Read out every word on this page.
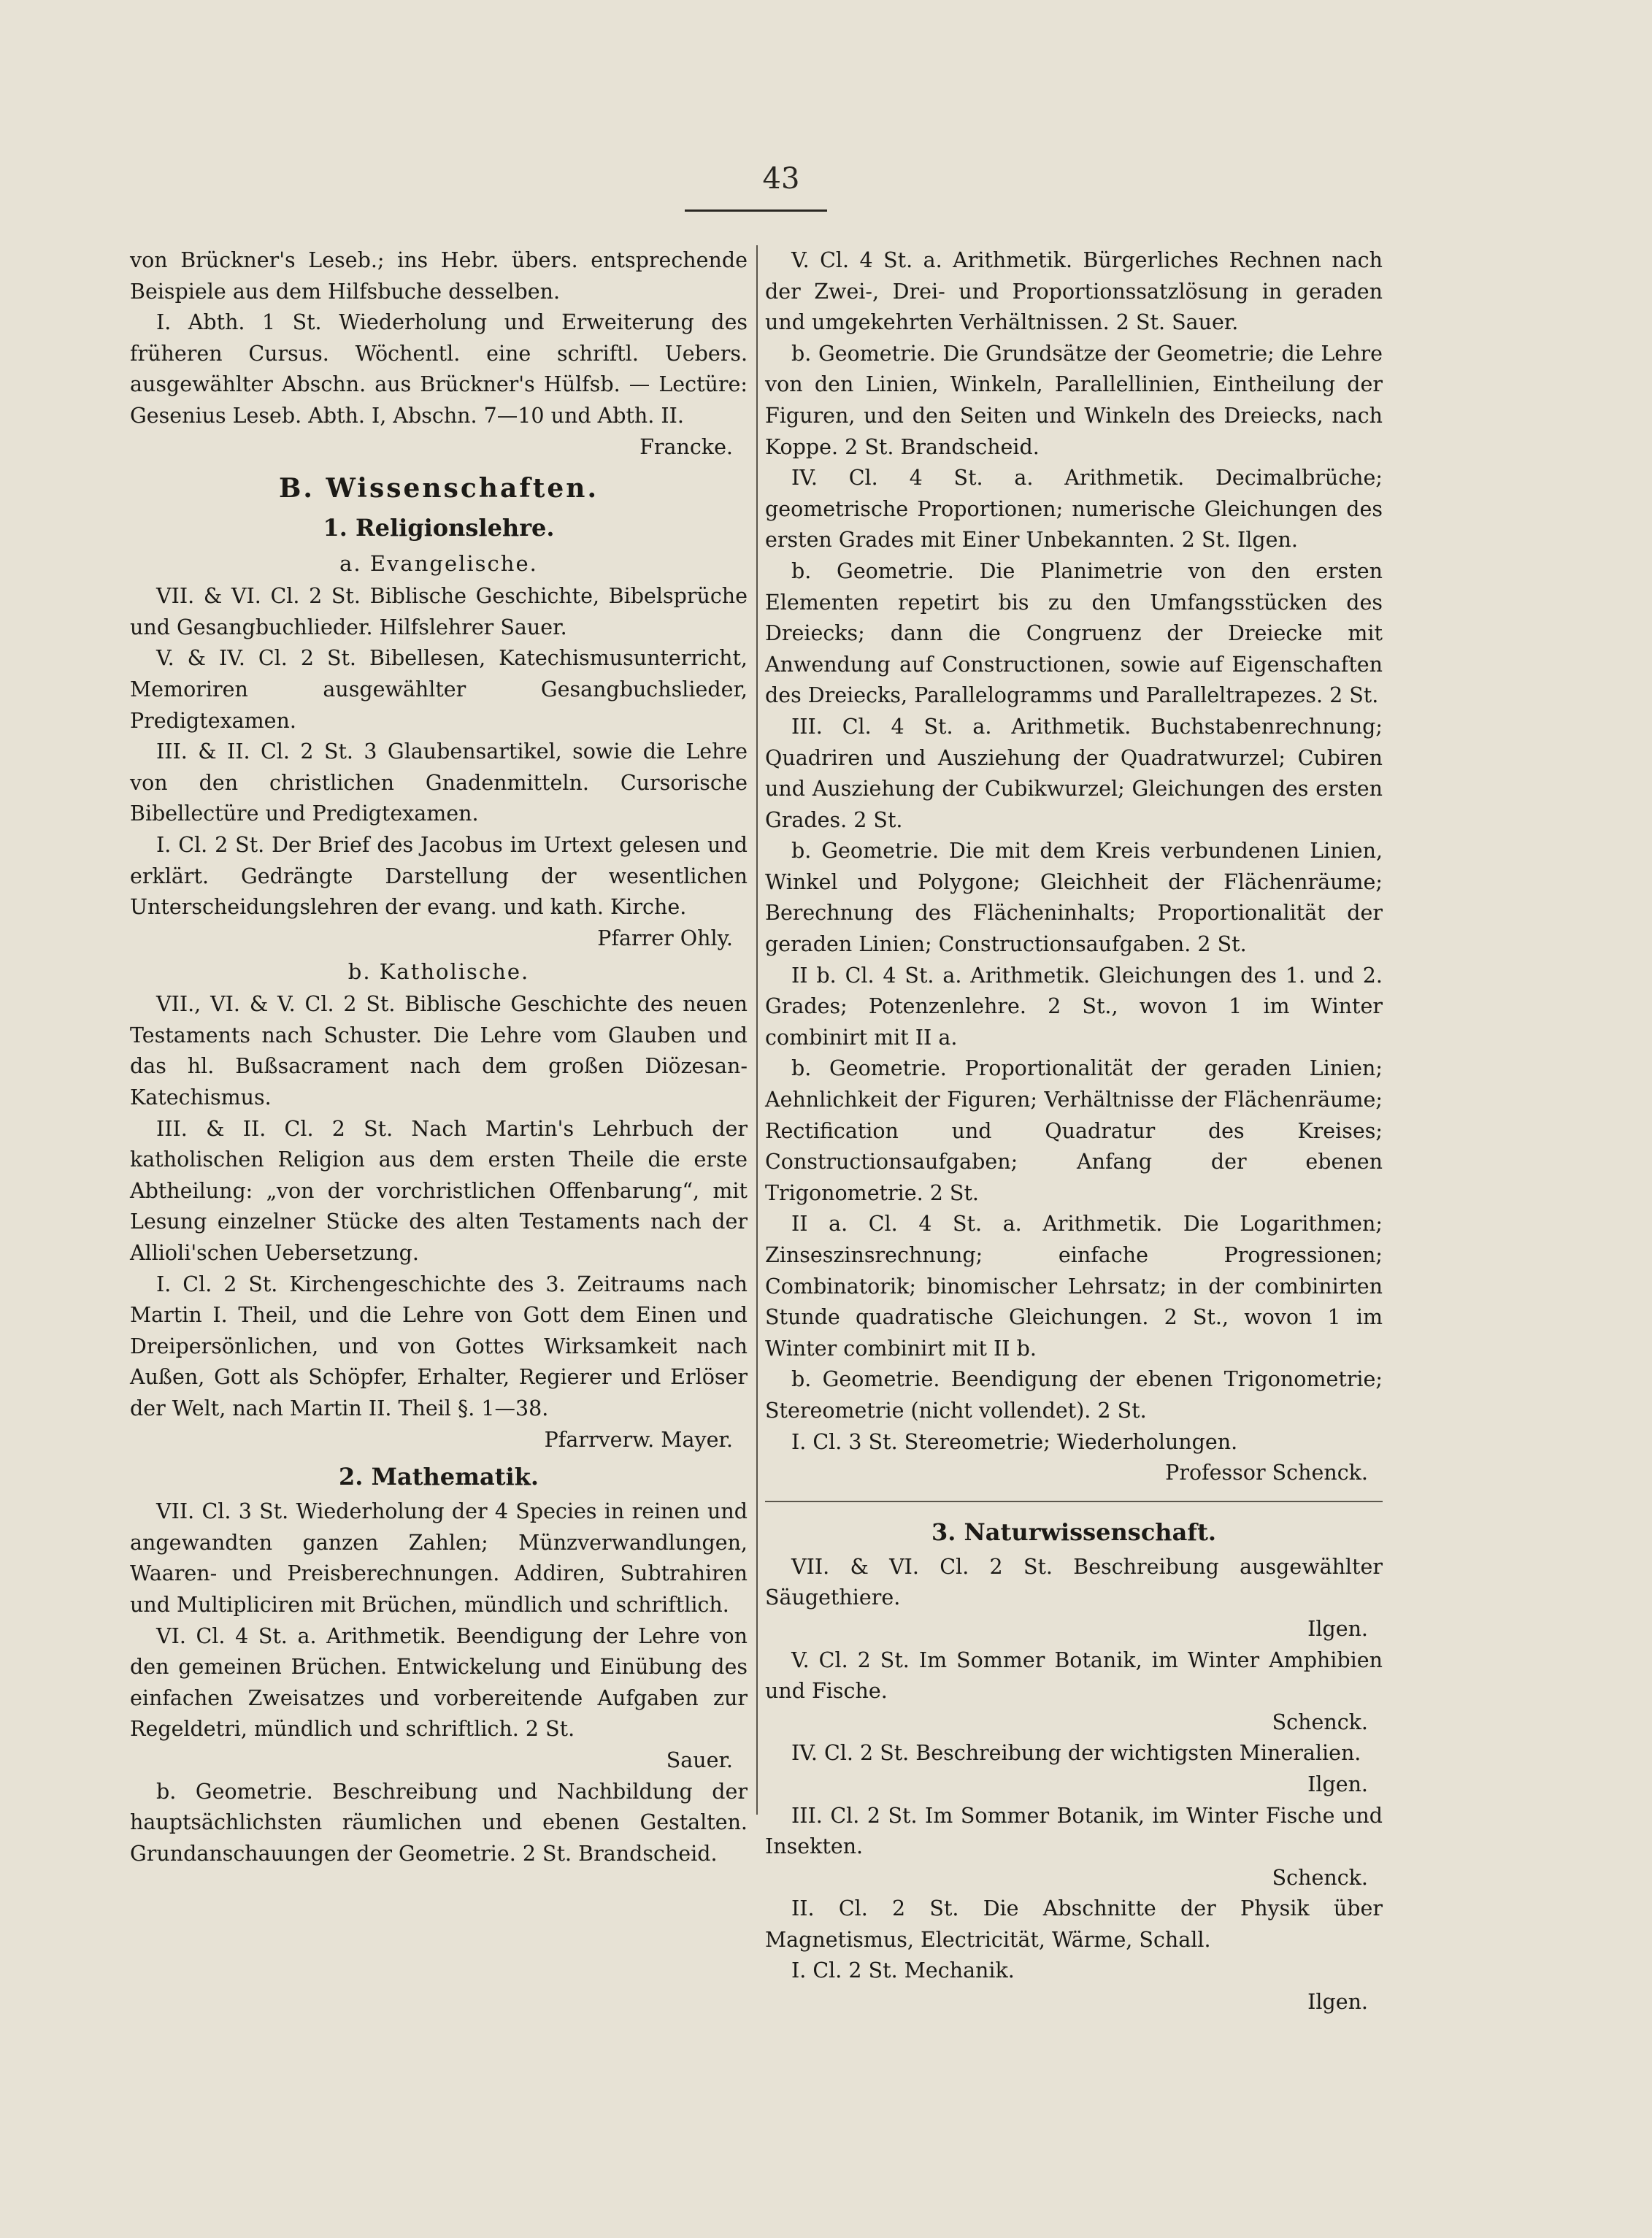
43

von Brückner's Leseb.; ins Hebr. übers. entsprechende Beispiele aus dem Hilfsbuche desselben.

I. Abth. 1 St. Wiederholung und Erweiterung des früheren Cursus. Wöchentl. eine schriftl. Uebers. ausgewählter Abschn. aus Brückner's Hülfsb. — Lectüre: Gesenius Leseb. Abth. I, Abschn. 7—10 und Abth. II.

Francke.

B. Wissenschaften.
1. Religionslehre.
a. Evangelische.

VII. & VI. Cl. 2 St. Biblische Geschichte, Bibelsprüche und Gesangbuchlieder. Hilfslehrer Sauer.

V. & IV. Cl. 2 St. Bibellesen, Katechismusunterricht, Memoriren ausgewählter Gesangbuchslieder, Predigtexamen.

III. & II. Cl. 2 St. 3 Glaubensartikel, sowie die Lehre von den christlichen Gnadenmitteln. Cursorische Bibellectüre und Predigtexamen.

I. Cl. 2 St. Der Brief des Jacobus im Urtext gelesen und erklärt. Gedrängte Darstellung der wesentlichen Unterscheidungslehren der evang. und kath. Kirche.

Pfarrer Ohly.

b. Katholische.

VII., VI. & V. Cl. 2 St. Biblische Geschichte des neuen Testaments nach Schuster. Die Lehre vom Glauben und das hl. Bußsacrament nach dem großen Diözesan-Katechismus.

III. & II. Cl. 2 St. Nach Martin's Lehrbuch der katholischen Religion aus dem ersten Theile die erste Abtheilung: „von der vorchristlichen Offenbarung“, mit Lesung einzelner Stücke des alten Testaments nach der Allioli'schen Uebersetzung.

I. Cl. 2 St. Kirchengeschichte des 3. Zeitraums nach Martin I. Theil, und die Lehre von Gott dem Einen und Dreipersönlichen, und von Gottes Wirksamkeit nach Außen, Gott als Schöpfer, Erhalter, Regierer und Erlöser der Welt, nach Martin II. Theil §. 1—38.

Pfarrverw. Mayer.

2. Mathematik.

VII. Cl. 3 St. Wiederholung der 4 Species in reinen und angewandten ganzen Zahlen; Münzverwandlungen, Waaren- und Preisberechnungen. Addiren, Subtrahiren und Multipliciren mit Brüchen, mündlich und schriftlich.

VI. Cl. 4 St. a. Arithmetik. Beendigung der Lehre von den gemeinen Brüchen. Entwickelung und Einübung des einfachen Zweisatzes und vorbereitende Aufgaben zur Regeldetri, mündlich und schriftlich. 2 St.

Sauer.

b. Geometrie. Beschreibung und Nachbildung der hauptsächlichsten räumlichen und ebenen Gestalten. Grundanschauungen der Geometrie. 2 St. Brandscheid.

V. Cl. 4 St. a. Arithmetik. Bürgerliches Rechnen nach der Zwei-, Drei- und Proportionssatzlösung in geraden und umgekehrten Verhältnissen. 2 St. Sauer.

b. Geometrie. Die Grundsätze der Geometrie; die Lehre von den Linien, Winkeln, Parallellinien, Eintheilung der Figuren, und den Seiten und Winkeln des Dreiecks, nach Koppe. 2 St. Brandscheid.

IV. Cl. 4 St. a. Arithmetik. Decimalbrüche; geometrische Proportionen; numerische Gleichungen des ersten Grades mit Einer Unbekannten. 2 St. Ilgen.

b. Geometrie. Die Planimetrie von den ersten Elementen repetirt bis zu den Umfangsstücken des Dreiecks; dann die Congruenz der Dreiecke mit Anwendung auf Constructionen, sowie auf Eigenschaften des Dreiecks, Parallelogramms und Paralleltrapezes. 2 St.

III. Cl. 4 St. a. Arithmetik. Buchstabenrechnung; Quadriren und Ausziehung der Quadratwurzel; Cubiren und Ausziehung der Cubikwurzel; Gleichungen des ersten Grades. 2 St.

b. Geometrie. Die mit dem Kreis verbundenen Linien, Winkel und Polygone; Gleichheit der Flächenräume; Berechnung des Flächeninhalts; Proportionalität der geraden Linien; Constructionsaufgaben. 2 St.

II b. Cl. 4 St. a. Arithmetik. Gleichungen des 1. und 2. Grades; Potenzenlehre. 2 St., wovon 1 im Winter combinirt mit II a.

b. Geometrie. Proportionalität der geraden Linien; Aehnlichkeit der Figuren; Verhältnisse der Flächenräume; Rectification und Quadratur des Kreises; Constructionsaufgaben; Anfang der ebenen Trigonometrie. 2 St.

II a. Cl. 4 St. a. Arithmetik. Die Logarithmen; Zinseszinsrechnung; einfache Progressionen; Combinatorik; binomischer Lehrsatz; in der combinirten Stunde quadratische Gleichungen. 2 St., wovon 1 im Winter combinirt mit II b.

b. Geometrie. Beendigung der ebenen Trigonometrie; Stereometrie (nicht vollendet). 2 St.

I. Cl. 3 St. Stereometrie; Wiederholungen.

Professor Schenck.

3. Naturwissenschaft.

VII. & VI. Cl. 2 St. Beschreibung ausgewählter Säugethiere.

Ilgen.

V. Cl. 2 St. Im Sommer Botanik, im Winter Amphibien und Fische.

Schenck.

IV. Cl. 2 St. Beschreibung der wichtigsten Mineralien.

Ilgen.

III. Cl. 2 St. Im Sommer Botanik, im Winter Fische und Insekten.

Schenck.

II. Cl. 2 St. Die Abschnitte der Physik über Magnetismus, Electricität, Wärme, Schall.

I. Cl. 2 St. Mechanik.

Ilgen.
